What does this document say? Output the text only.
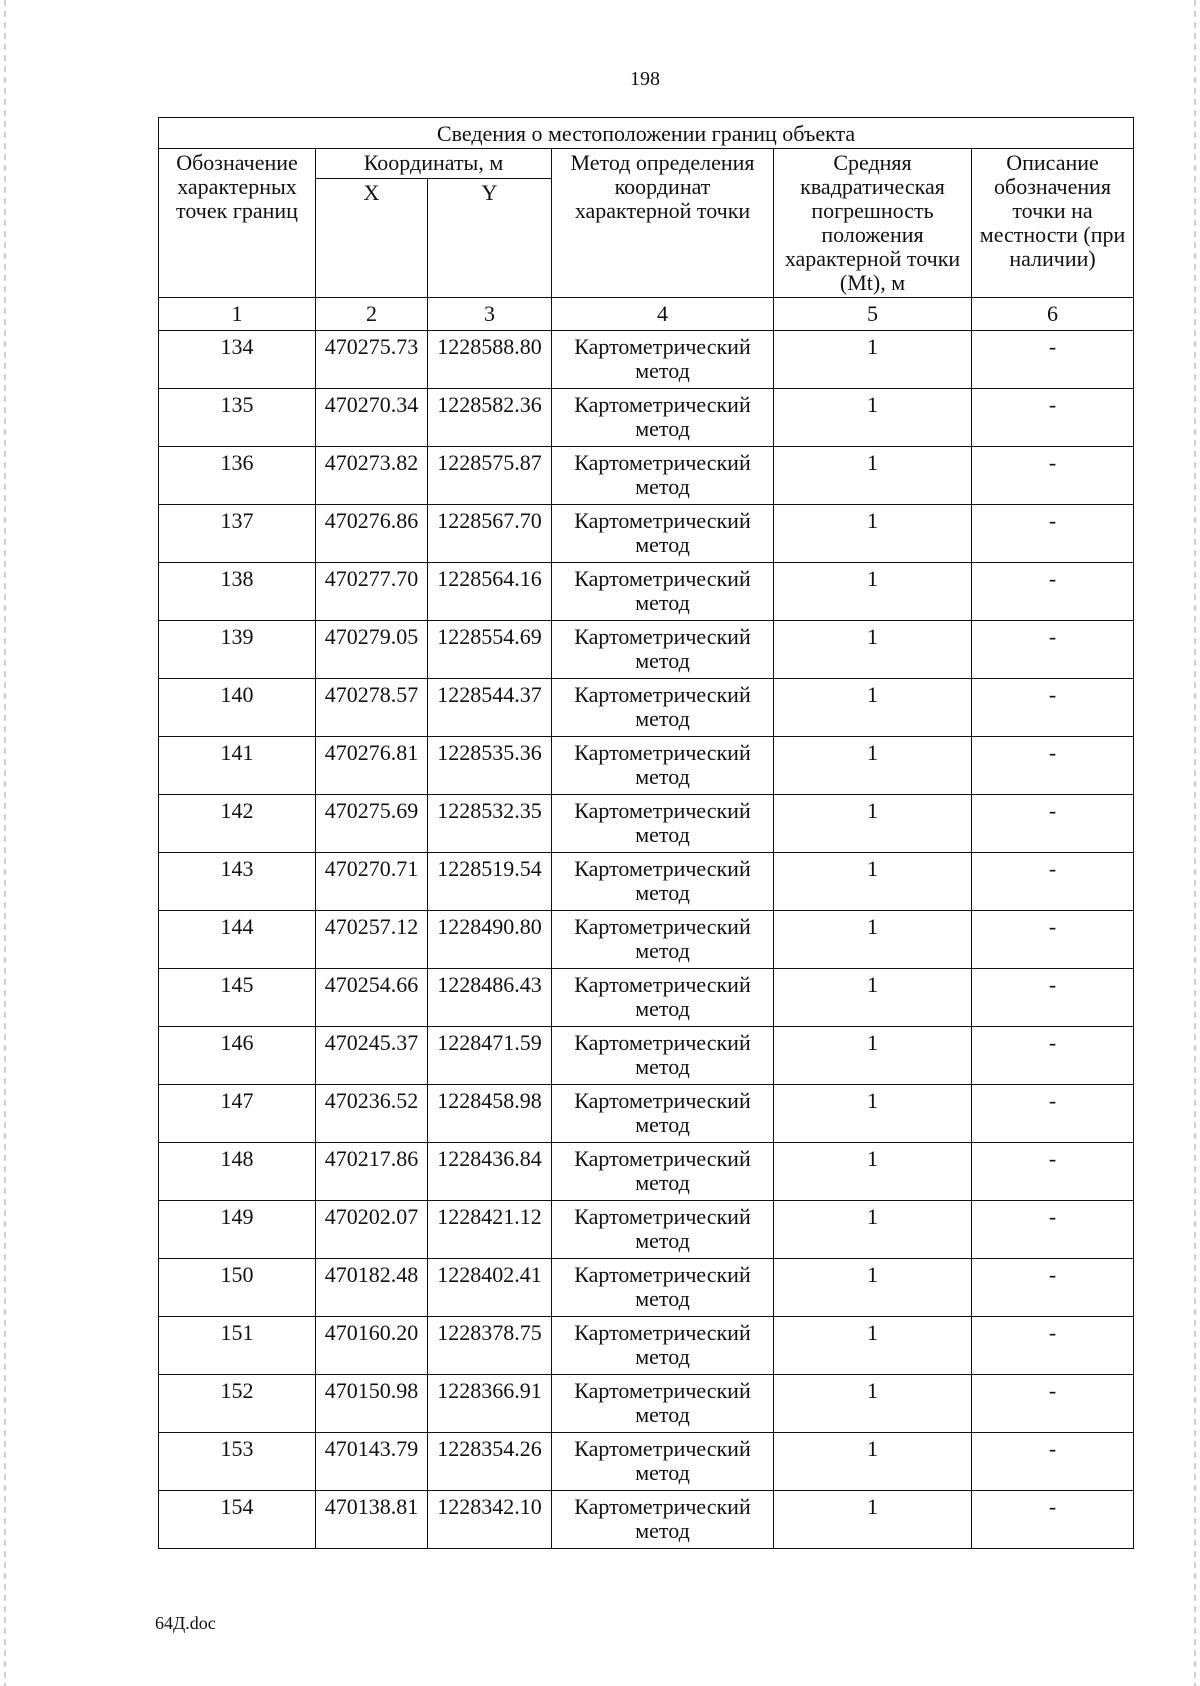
198
Сведения о местоположении границ объекта					
Обозначение характерных точек границ	Координаты, м		Метод определения координат характерной точки	Средняя квадратическая погрешность положения характерной точки (Mt), м	Описание обозначения точки на местности (при наличии)
	X	Y			
1	2	3	4	5	6
134	470275.73	1228588.80	Картометрический метод	1	-
135	470270.34	1228582.36	Картометрический метод	1	-
136	470273.82	1228575.87	Картометрический метод	1	-
137	470276.86	1228567.70	Картометрический метод	1	-
138	470277.70	1228564.16	Картометрический метод	1	-
139	470279.05	1228554.69	Картометрический метод	1	-
140	470278.57	1228544.37	Картометрический метод	1	-
141	470276.81	1228535.36	Картометрический метод	1	-
142	470275.69	1228532.35	Картометрический метод	1	-
143	470270.71	1228519.54	Картометрический метод	1	-
144	470257.12	1228490.80	Картометрический метод	1	-
145	470254.66	1228486.43	Картометрический метод	1	-
146	470245.37	1228471.59	Картометрический метод	1	-
147	470236.52	1228458.98	Картометрический метод	1	-
148	470217.86	1228436.84	Картометрический метод	1	-
149	470202.07	1228421.12	Картометрический метод	1	-
150	470182.48	1228402.41	Картометрический метод	1	-
151	470160.20	1228378.75	Картометрический метод	1	-
152	470150.98	1228366.91	Картометрический метод	1	-
153	470143.79	1228354.26	Картометрический метод	1	-
154	470138.81	1228342.10	Картометрический метод	1	-
64Д.doc
